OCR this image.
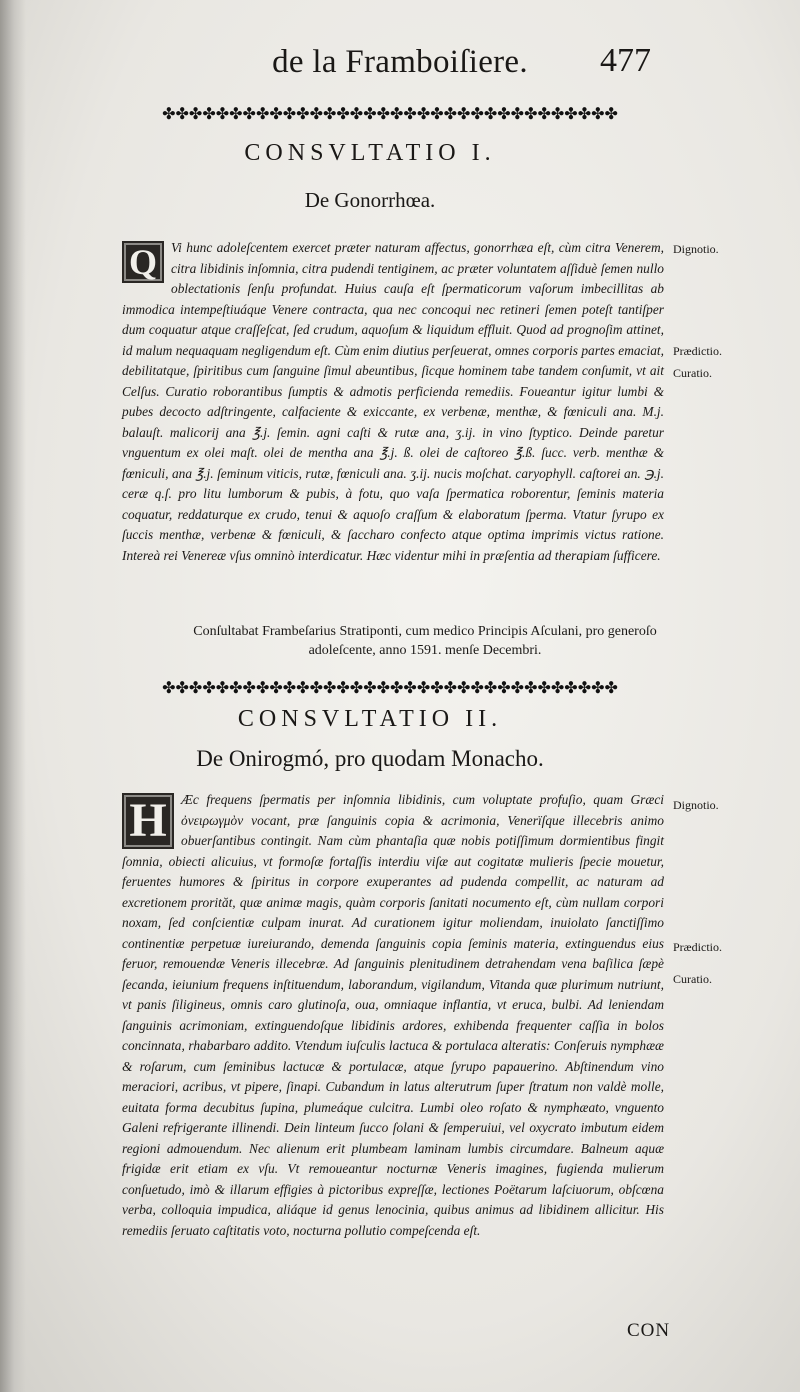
de la Framboiſiere.	477
✤✤✤✤✤✤✤✤✤✤✤✤✤✤✤✤✤✤✤✤✤✤✤✤✤✤✤✤✤✤✤✤✤✤
CONSVLTATIO I.
De Gonorrhœa.

Q	Vi hunc adoleſcentem exercet præter naturam affectus, gonorrhæa eſt, cùm citra Venerem, citra libidinis inſomnia, citra pudendi tentiginem, ac præter voluntatem aſſiduè ſemen nullo oblectationis ſenſu profundat. Huius cauſa eſt ſpermaticorum vaſorum imbecillitas ab immodica intempeſtiuáque Venere contracta, qua nec concoqui nec retineri ſemen poteſt tantiſper dum coquatur atque craſſeſcat, ſed crudum, aquoſum & liquidum effluit. Quod ad prognoſim attinet, id malum nequaquam negligendum eſt. Cùm enim diutius perſeuerat, omnes corporis partes emaciat, debilitatque, ſpiritibus cum ſanguine ſimul abeuntibus, ſicque hominem tabe tandem conſumit, vt ait Celſus. Curatio roborantibus ſumptis & admotis perficienda remediis. Foueantur igitur lumbi & pubes decocto adſtringente, calfaciente & exiccante, ex verbenæ, menthæ, & fœniculi ana. M.j. balauſt. malicorij ana ℥.j. ſemin. agni caſti & rutæ ana, ʒ.ij. in vino ſtyptico. Deinde paretur vnguentum ex olei maſt. olei de mentha ana ℥.j. ß. olei de caſtoreo ℥.ß. ſucc. verb. menthæ & fœniculi, ana ℥.j. ſeminum viticis, rutæ, fœniculi ana. ʒ.ij. nucis moſchat. caryophyll. caſtorei an. ℈.j. ceræ q.ſ. pro litu lumborum & pubis, à fotu, quo vaſa ſpermatica roborentur, ſeminis materia coquatur, reddaturque ex crudo, tenui & aquoſo craſſum & elaboratum ſperma. Vtatur ſyrupo ex ſuccis menthæ, verbenæ & fœniculi, & ſaccharo confecto atque optima imprimis victus ratione. Intereà rei Venereæ vſus omninò interdicatur. Hæc videntur mihi in præſentia ad therapiam ſufficere.

Dignotio.
Prædictio.
Curatio.
Conſultabat Frambeſarius Stratiponti, cum medico Principis Aſculani, pro generoſo adoleſcente, anno 1591. menſe Decembri.
✤✤✤✤✤✤✤✤✤✤✤✤✤✤✤✤✤✤✤✤✤✤✤✤✤✤✤✤✤✤✤✤✤✤
CONSVLTATIO II.
De Onirogmó, pro quodam Monacho.

H	Æc frequens ſpermatis per inſomnia libidinis, cum voluptate profuſio, quam Græci ὀνειρωγμὸν vocant, præ ſanguinis copia & acrimonia, Venerïſque illecebris animo obuerſantibus contingit. Nam cùm phantaſia quæ nobis potiſſimum dormientibus fingit ſomnia, obiecti alicuius, vt formoſæ fortaſſis interdiu viſæ aut cogitatæ mulieris ſpecie mouetur, feruentes humores & ſpiritus in corpore exuperantes ad pudenda compellit, ac naturam ad excretionem prorităt, quæ animæ magis, quàm corporis ſanitati nocumento eſt, cùm nullam corpori noxam, ſed conſcientiæ culpam inurat. Ad curationem igitur moliendam, inuiolato ſanctiſſimo continentiæ perpetuæ iureiurando, demenda ſanguinis copia ſeminis materia, extinguendus eius feruor, remouendæ Veneris illecebræ. Ad ſanguinis plenitudinem detrahendam vena baſilica ſæpè ſecanda, ieiunium frequens inſtituendum, laborandum, vigilandum, Vitanda quæ plurimum nutriunt, vt panis ſiligineus, omnis caro glutinoſa, oua, omniaque inflantia, vt eruca, bulbi. Ad leniendam ſanguinis acrimoniam, extinguendoſque libidinis ardores, exhibenda frequenter caſſia in bolos concinnata, rhabarbaro addito. Vtendum iuſculis lactuca & portulaca alteratis: Conſeruis nymphææ & roſarum, cum ſeminibus lactucæ & portulacæ, atque ſyrupo papauerino. Abſtinendum vino meraciori, acribus, vt pipere, ſinapi. Cubandum in latus alterutrum ſuper ſtratum non valdè molle, euitata forma decubitus ſupina, plumeáque culcitra. Lumbi oleo roſato & nymphæato, vnguento Galeni refrigerante illinendi. Dein linteum ſucco ſolani & ſemperuiui, vel oxycrato imbutum eidem regioni admouendum. Nec alienum erit plumbeam laminam lumbis circumdare. Balneum aquæ frigidæ erit etiam ex vſu. Vt remoueantur nocturnæ Veneris imagines, fugienda mulierum conſuetudo, imò & illarum effigies à pictoribus expreſſæ, lectiones Poëtarum laſciuorum, obſcœna verba, colloquia impudica, aliáque id genus lenocinia, quibus animus ad libidinem allicitur. His remediis ſeruato caſtitatis voto, nocturna pollutio compeſcenda eſt.

Dignotio.
Prædictio.
Curatio.
CON
